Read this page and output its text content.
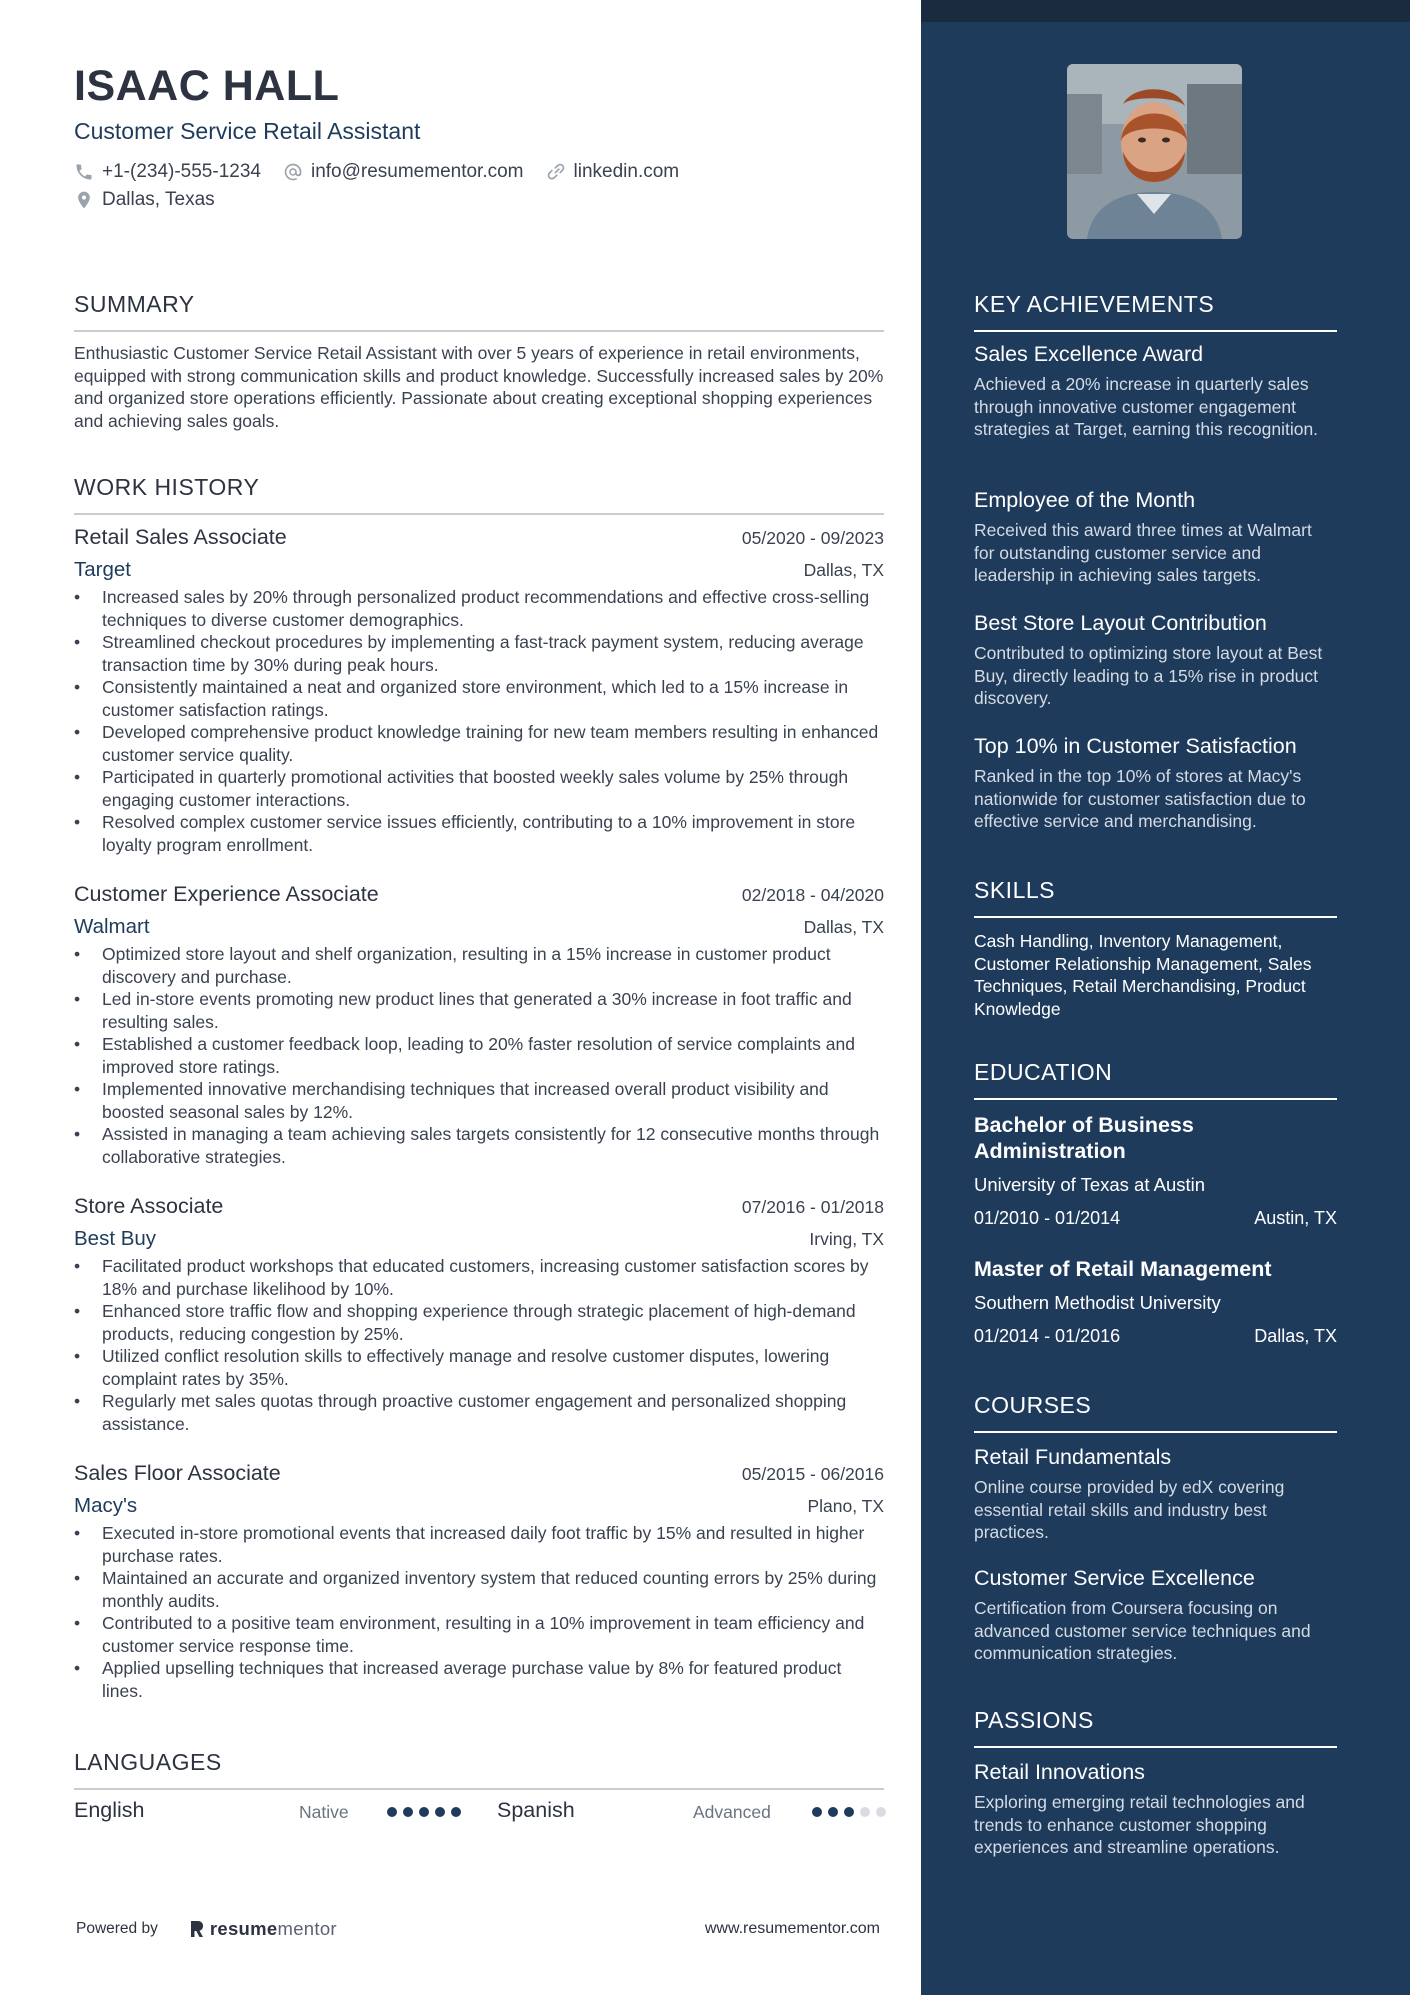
ISAAC HALL
Customer Service Retail Assistant
+1-(234)-555-1234	info@resumementor.com	linkedin.com
Dallas, Texas
SUMMARY
Enthusiastic Customer Service Retail Assistant with over 5 years of experience in retail environments, equipped with strong communication skills and product knowledge. Successfully increased sales by 20% and organized store operations efficiently. Passionate about creating exceptional shopping experiences and achieving sales goals.
WORK HISTORY
Retail Sales Associate	05/2020 - 09/2023
Target	Dallas, TX
• Increased sales by 20% through personalized product recommendations and effective cross-selling techniques to diverse customer demographics.
• Streamlined checkout procedures by implementing a fast-track payment system, reducing average transaction time by 30% during peak hours.
• Consistently maintained a neat and organized store environment, which led to a 15% increase in customer satisfaction ratings.
• Developed comprehensive product knowledge training for new team members resulting in enhanced customer service quality.
• Participated in quarterly promotional activities that boosted weekly sales volume by 25% through engaging customer interactions.
• Resolved complex customer service issues efficiently, contributing to a 10% improvement in store loyalty program enrollment.
Customer Experience Associate	02/2018 - 04/2020
Walmart	Dallas, TX
• Optimized store layout and shelf organization, resulting in a 15% increase in customer product discovery and purchase.
• Led in-store events promoting new product lines that generated a 30% increase in foot traffic and resulting sales.
• Established a customer feedback loop, leading to 20% faster resolution of service complaints and improved store ratings.
• Implemented innovative merchandising techniques that increased overall product visibility and boosted seasonal sales by 12%.
• Assisted in managing a team achieving sales targets consistently for 12 consecutive months through collaborative strategies.
Store Associate	07/2016 - 01/2018
Best Buy	Irving, TX
• Facilitated product workshops that educated customers, increasing customer satisfaction scores by 18% and purchase likelihood by 10%.
• Enhanced store traffic flow and shopping experience through strategic placement of high-demand products, reducing congestion by 25%.
• Utilized conflict resolution skills to effectively manage and resolve customer disputes, lowering complaint rates by 35%.
• Regularly met sales quotas through proactive customer engagement and personalized shopping assistance.
Sales Floor Associate	05/2015 - 06/2016
Macy's	Plano, TX
• Executed in-store promotional events that increased daily foot traffic by 15% and resulted in higher purchase rates.
• Maintained an accurate and organized inventory system that reduced counting errors by 25% during monthly audits.
• Contributed to a positive team environment, resulting in a 10% improvement in team efficiency and customer service response time.
• Applied upselling techniques that increased average purchase value by 8% for featured product lines.
LANGUAGES
English	Native	Spanish	Advanced
Powered by	resume mentor	www.resumementor.com
KEY ACHIEVEMENTS
Sales Excellence Award
Achieved a 20% increase in quarterly sales through innovative customer engagement strategies at Target, earning this recognition.
Employee of the Month
Received this award three times at Walmart for outstanding customer service and leadership in achieving sales targets.
Best Store Layout Contribution
Contributed to optimizing store layout at Best Buy, directly leading to a 15% rise in product discovery.
Top 10% in Customer Satisfaction
Ranked in the top 10% of stores at Macy's nationwide for customer satisfaction due to effective service and merchandising.
SKILLS
Cash Handling, Inventory Management, Customer Relationship Management, Sales Techniques, Retail Merchandising, Product Knowledge
EDUCATION
Bachelor of Business Administration
University of Texas at Austin
01/2010 - 01/2014	Austin, TX
Master of Retail Management
Southern Methodist University
01/2014 - 01/2016	Dallas, TX
COURSES
Retail Fundamentals
Online course provided by edX covering essential retail skills and industry best practices.
Customer Service Excellence
Certification from Coursera focusing on advanced customer service techniques and communication strategies.
PASSIONS
Retail Innovations
Exploring emerging retail technologies and trends to enhance customer shopping experiences and streamline operations.
